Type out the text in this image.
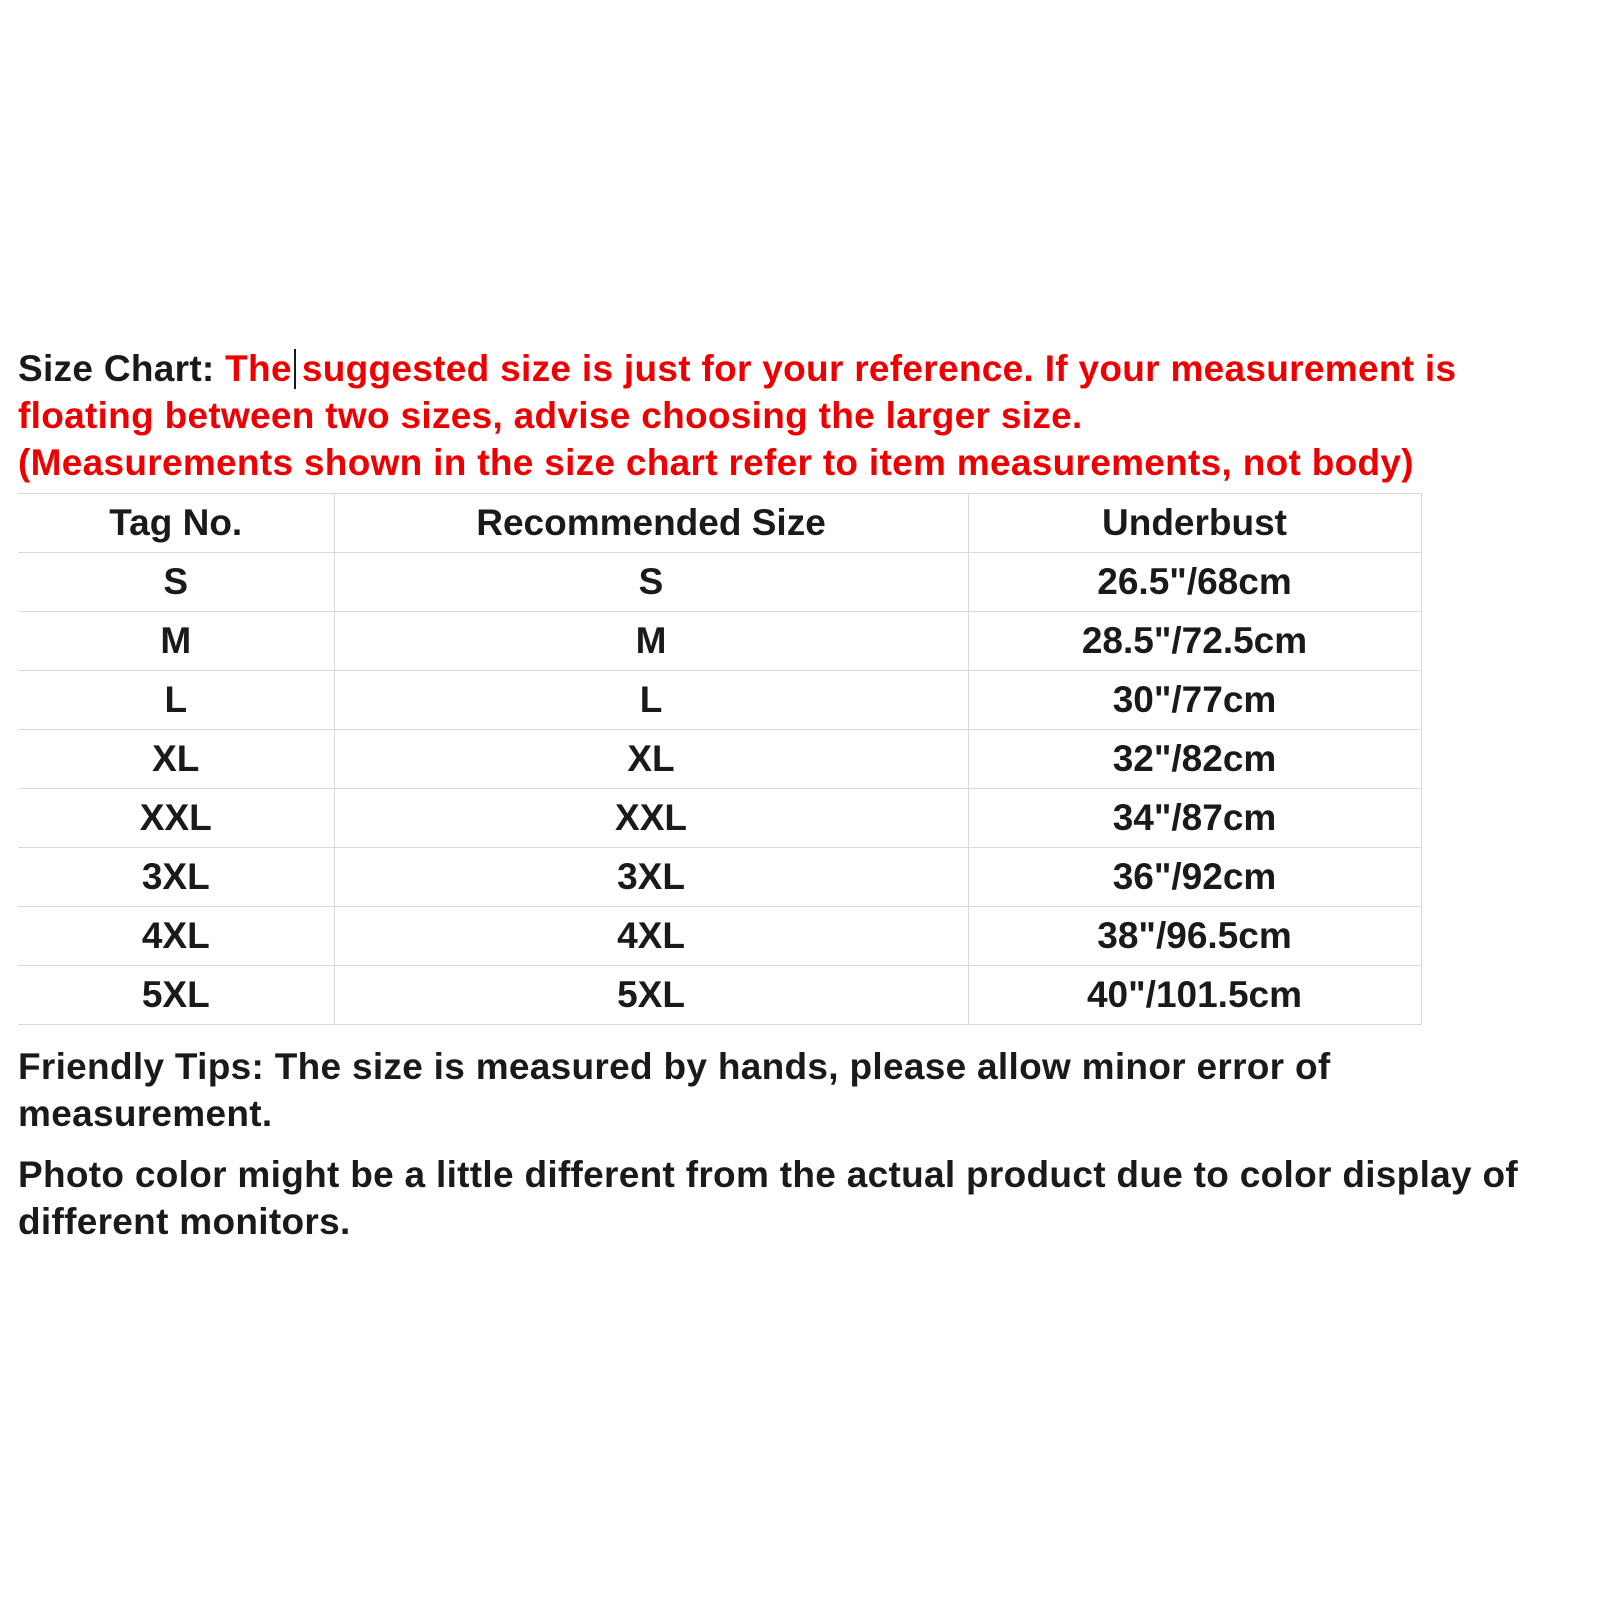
Size Chart: The suggested size is just for your reference. If your measurement is floating between two sizes, advise choosing the larger size.
(Measurements shown in the size chart refer to item measurements, not body)
Tag No.	Recommended Size	Underbust
S	S	26.5"/68cm
M	M	28.5"/72.5cm
L	L	30"/77cm
XL	XL	32"/82cm
XXL	XXL	34"/87cm
3XL	3XL	36"/92cm
4XL	4XL	38"/96.5cm
5XL	5XL	40"/101.5cm

Friendly Tips: The size is measured by hands, please allow minor error of measurement.

Photo color might be a little different from the actual product due to color display of different monitors.
